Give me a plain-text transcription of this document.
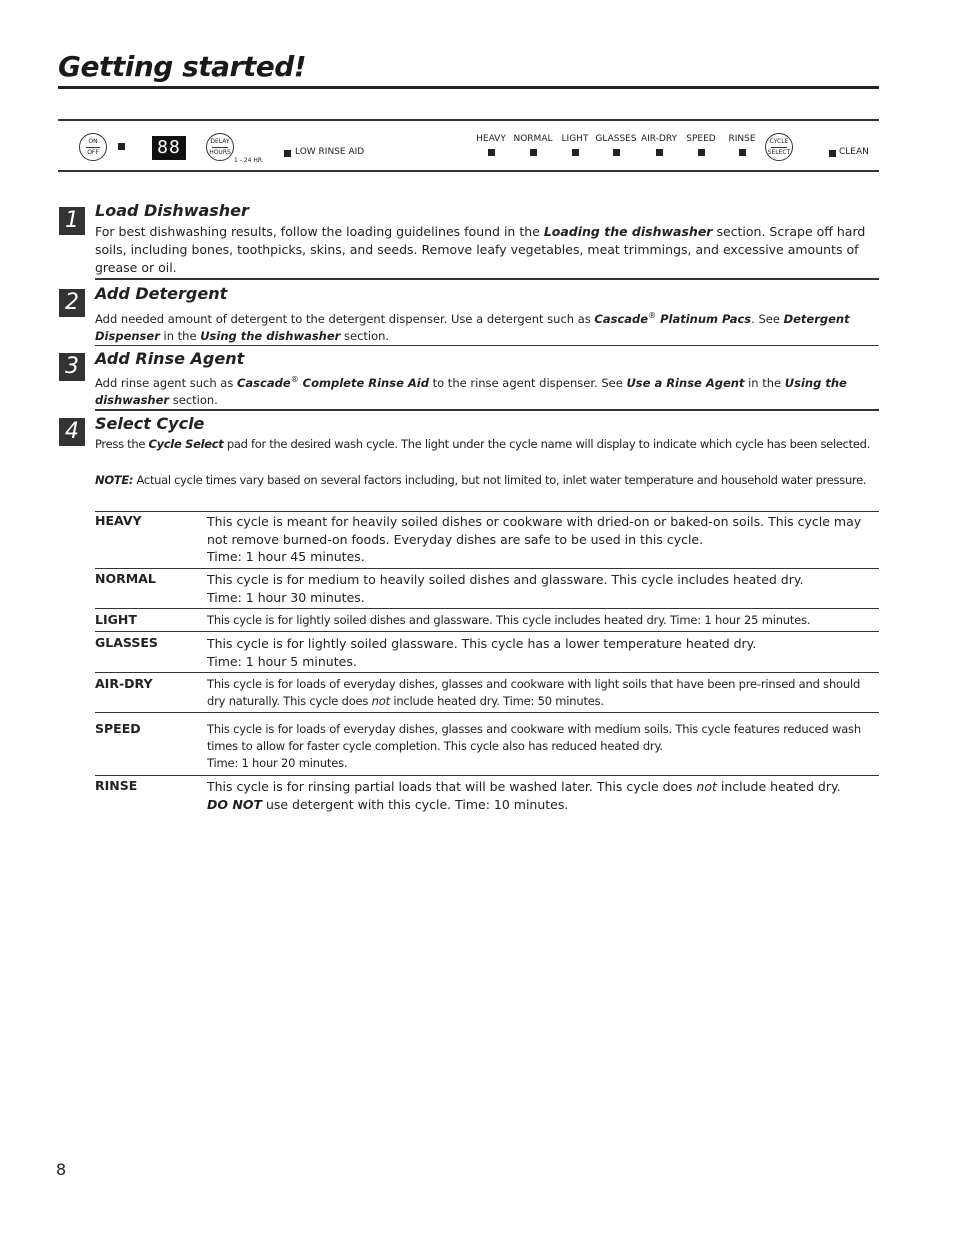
Getting started!
ON
OFF	88	DELAY
HOURS
1 - 24 HR.
LOW RINSE AID
HEAVY NORMAL	LIGHT GLASSES AIR-DRY	SPEED	RINSE	CYCLE
SELECT	CLEAN
1	Load Dishwasher
For best dishwashing results, follow the loading guidelines found in the Loading the dishwasher section. Scrape off hard soils, including bones, toothpicks, skins, and seeds. Remove leafy vegetables, meat trimmings, and excessive amounts of grease or oil.
2	Add Detergent
Add needed amount of detergent to the detergent dispenser. Use a detergent such as Cascade® Platinum Pacs. See Detergent Dispenser in the Using the dishwasher section.
3	Add Rinse Agent
Add rinse agent such as Cascade® Complete Rinse Aid to the rinse agent dispenser. See Use a Rinse Agent in the Using the dishwasher section.
4	Select Cycle
Press the Cycle Select pad for the desired wash cycle. The light under the cycle name will display to indicate which cycle has been selected.
NOTE: Actual cycle times vary based on several factors including, but not limited to, inlet water temperature and household water pressure.
HEAVY	This cycle is meant for heavily soiled dishes or cookware with dried-on or baked-on soils. This cycle may not remove burned-on foods. Everyday dishes are safe to be used in this cycle.
Time: 1 hour 45 minutes.
NORMAL	This cycle is for medium to heavily soiled dishes and glassware. This cycle includes heated dry.
Time: 1 hour 30 minutes.
LIGHT	This cycle is for lightly soiled dishes and glassware. This cycle includes heated dry. Time: 1 hour 25 minutes.
GLASSES	This cycle is for lightly soiled glassware. This cycle has a lower temperature heated dry.
Time: 1 hour 5 minutes.
AIR-DRY	This cycle is for loads of everyday dishes, glasses and cookware with light soils that have been pre-rinsed and should dry naturally. This cycle does not include heated dry. Time: 50 minutes.
SPEED	This cycle is for loads of everyday dishes, glasses and cookware with medium soils. This cycle features reduced wash times to allow for faster cycle completion. This cycle also has reduced heated dry.
Time: 1 hour 20 minutes.
RINSE	This cycle is for rinsing partial loads that will be washed later. This cycle does not include heated dry.
DO NOT use detergent with this cycle. Time: 10 minutes.
8
